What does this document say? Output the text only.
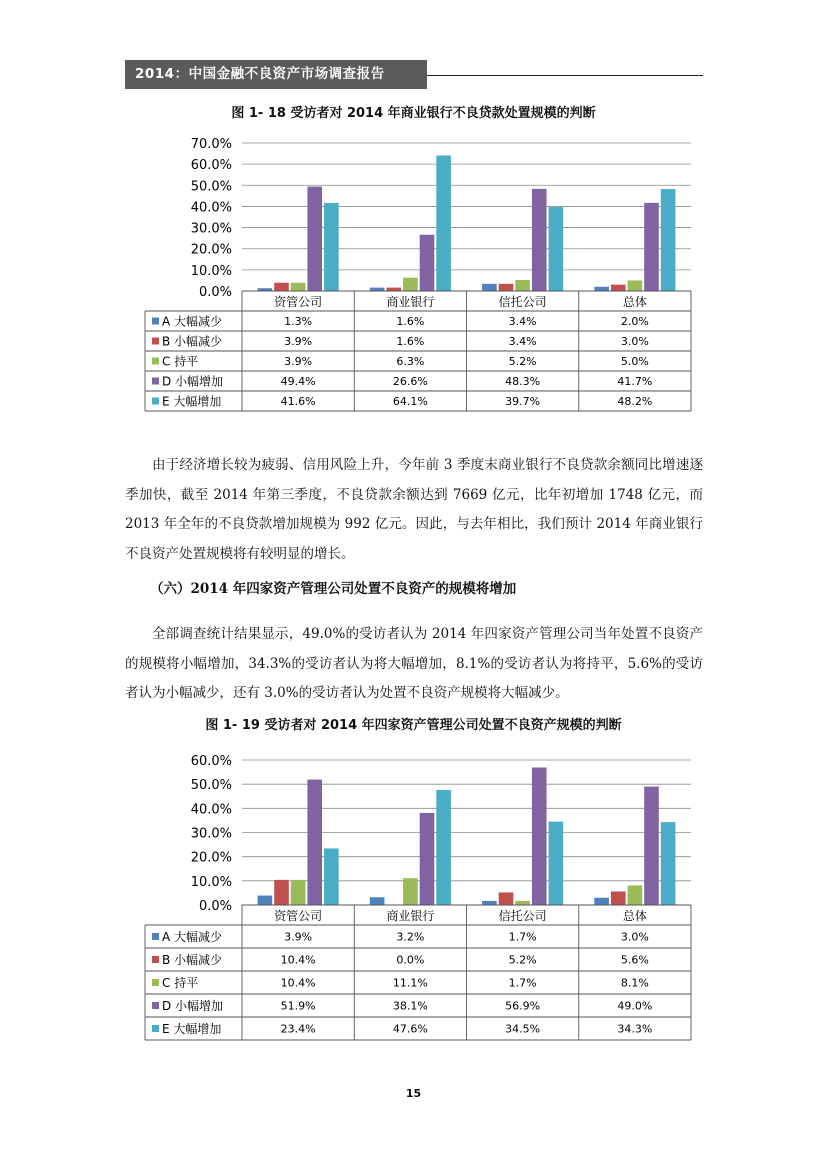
2014：中国金融不良资产市场调查报告
图 1- 18 受访者对 2014 年商业银行不良贷款处置规模的判断
0.0%
10.0%
20.0%
30.0%
40.0%
50.0%
60.0%
70.0%
资管公司	商业银行	信托公司	总体
A 大幅减少	1.3%	1.6%	3.4%	2.0%
B 小幅减少	3.9%	1.6%	3.4%	3.0%
C 持平	3.9%	6.3%	5.2%	5.0%
D 小幅增加	49.4%	26.6%	48.3%	41.7%
E 大幅增加	41.6%	64.1%	39.7%	48.2%

由于经济增长较为疲弱、信用风险上升，今年前 3 季度末商业银行不良贷款余额同比增速逐季加快，截至 2014 年第三季度，不良贷款余额达到 7669 亿元，比年初增加 1748 亿元，而 2013 年全年的不良贷款增加规模为 992 亿元。因此，与去年相比，我们预计 2014 年商业银行不良资产处置规模将有较明显的增长。

（六）2014 年四家资产管理公司处置不良资产的规模将增加

全部调查统计结果显示，49.0%的受访者认为 2014 年四家资产管理公司当年处置不良资产的规模将小幅增加，34.3%的受访者认为将大幅增加，8.1%的受访者认为将持平，5.6%的受访者认为小幅减少，还有 3.0%的受访者认为处置不良资产规模将大幅减少。

图 1- 19 受访者对 2014 年四家资产管理公司处置不良资产规模的判断
0.0%
10.0%
20.0%
30.0%
40.0%
50.0%
60.0%
资管公司	商业银行	信托公司	总体
A 大幅减少	3.9%	3.2%	1.7%	3.0%
B 小幅减少	10.4%	0.0%	5.2%	5.6%
C 持平	10.4%	11.1%	1.7%	8.1%
D 小幅增加	51.9%	38.1%	56.9%	49.0%
E 大幅增加	23.4%	47.6%	34.5%	34.3%
15
